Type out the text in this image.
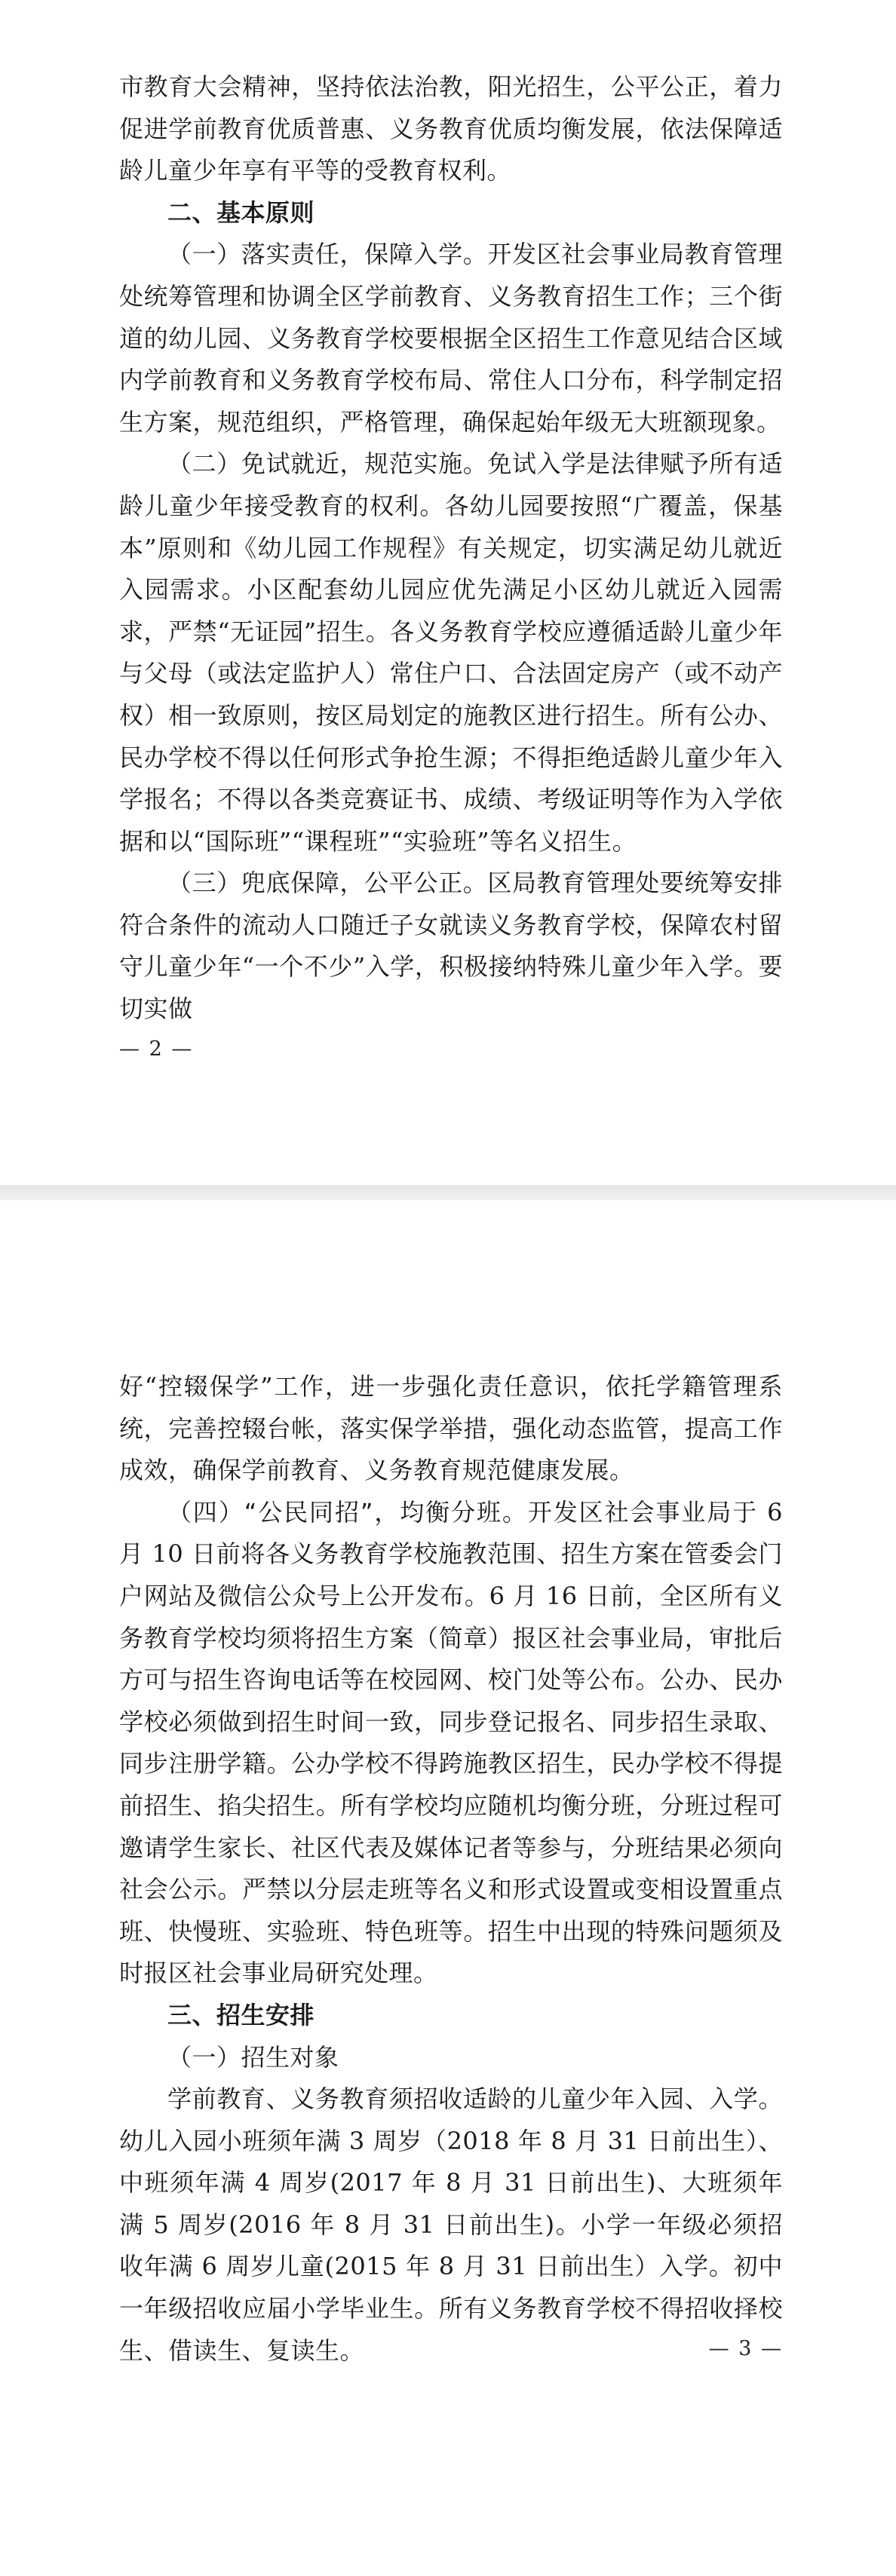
市教育大会精神，坚持依法治教，阳光招生，公平公正，着力促进学前教育优质普惠、义务教育优质均衡发展，依法保障适龄儿童少年享有平等的受教育权利。

二、基本原则

（一）落实责任，保障入学。开发区社会事业局教育管理处统筹管理和协调全区学前教育、义务教育招生工作；三个街道的幼儿园、义务教育学校要根据全区招生工作意见结合区域内学前教育和义务教育学校布局、常住人口分布，科学制定招生方案，规范组织，严格管理，确保起始年级无大班额现象。

（二）免试就近，规范实施。免试入学是法律赋予所有适龄儿童少年接受教育的权利。各幼儿园要按照“广覆盖，保基本”原则和《幼儿园工作规程》有关规定，切实满足幼儿就近入园需求。小区配套幼儿园应优先满足小区幼儿就近入园需求，严禁“无证园”招生。各义务教育学校应遵循适龄儿童少年与父母（或法定监护人）常住户口、合法固定房产（或不动产权）相一致原则，按区局划定的施教区进行招生。所有公办、民办学校不得以任何形式争抢生源；不得拒绝适龄儿童少年入学报名；不得以各类竞赛证书、成绩、考级证明等作为入学依据和以“国际班”“课程班”“实验班”等名义招生。

（三）兜底保障，公平公正。区局教育管理处要统筹安排符合条件的流动人口随迁子女就读义务教育学校，保障农村留守儿童少年“一个不少”入学，积极接纳特殊儿童少年入学。要切实做

— 2 —

好“控辍保学”工作，进一步强化责任意识，依托学籍管理系统，完善控辍台帐，落实保学举措，强化动态监管，提高工作成效，确保学前教育、义务教育规范健康发展。

（四）“公民同招”，均衡分班。开发区社会事业局于 6 月 10 日前将各义务教育学校施教范围、招生方案在管委会门户网站及微信公众号上公开发布。6 月 16 日前，全区所有义务教育学校均须将招生方案（简章）报区社会事业局，审批后方可与招生咨询电话等在校园网、校门处等公布。公办、民办学校必须做到招生时间一致，同步登记报名、同步招生录取、同步注册学籍。公办学校不得跨施教区招生，民办学校不得提前招生、掐尖招生。所有学校均应随机均衡分班，分班过程可邀请学生家长、社区代表及媒体记者等参与，分班结果必须向社会公示。严禁以分层走班等名义和形式设置或变相设置重点班、快慢班、实验班、特色班等。招生中出现的特殊问题须及时报区社会事业局研究处理。

三、招生安排

（一）招生对象

学前教育、义务教育须招收适龄的儿童少年入园、入学。幼儿入园小班须年满 3 周岁（2018 年 8 月 31 日前出生）、中班须年满 4 周岁(2017 年 8 月 31 日前出生)、大班须年满 5 周岁(2016 年 8 月 31 日前出生)。小学一年级必须招收年满 6 周岁儿童(2015 年 8 月 31 日前出生）入学。初中一年级招收应届小学毕业生。所有义务教育学校不得招收择校生、借读生、复读生。	— 3 —
